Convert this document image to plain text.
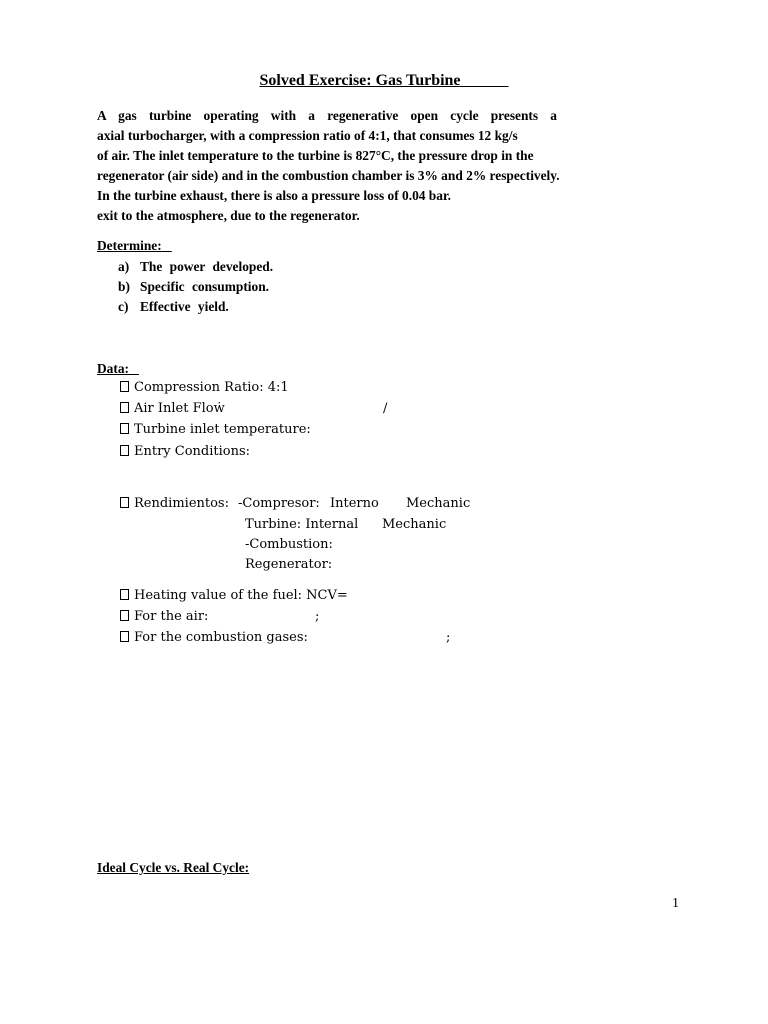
Solved Exercise: Gas Turbine
A gas turbine operating with a regenerative open cycle presents a
axial turbocharger, with a compression ratio of 4:1, that consumes 12 kg/s
of air. The inlet temperature to the turbine is 827°C, the pressure drop in the
regenerator (air side) and in the combustion chamber is 3% and 2% respectively.
In the turbine exhaust, there is also a pressure loss of 0.04 bar.
exit to the atmosphere, due to the regenerator.
Determine:
a) The power developed.
b) Specific consumption.
c) Effective yield.
Data:
Compression Ratio: 4:1
Air Inlet Flow	/
Turbine inlet temperature:
Entry Conditions:
Rendimientos: -Compresor: Interno Mechanic
Turbine: Internal Mechanic
-Combustion:
Regenerator:
Heating value of the fuel: NCV=
For the air:	;
For the combustion gases:	;
Ideal Cycle vs. Real Cycle:
1
